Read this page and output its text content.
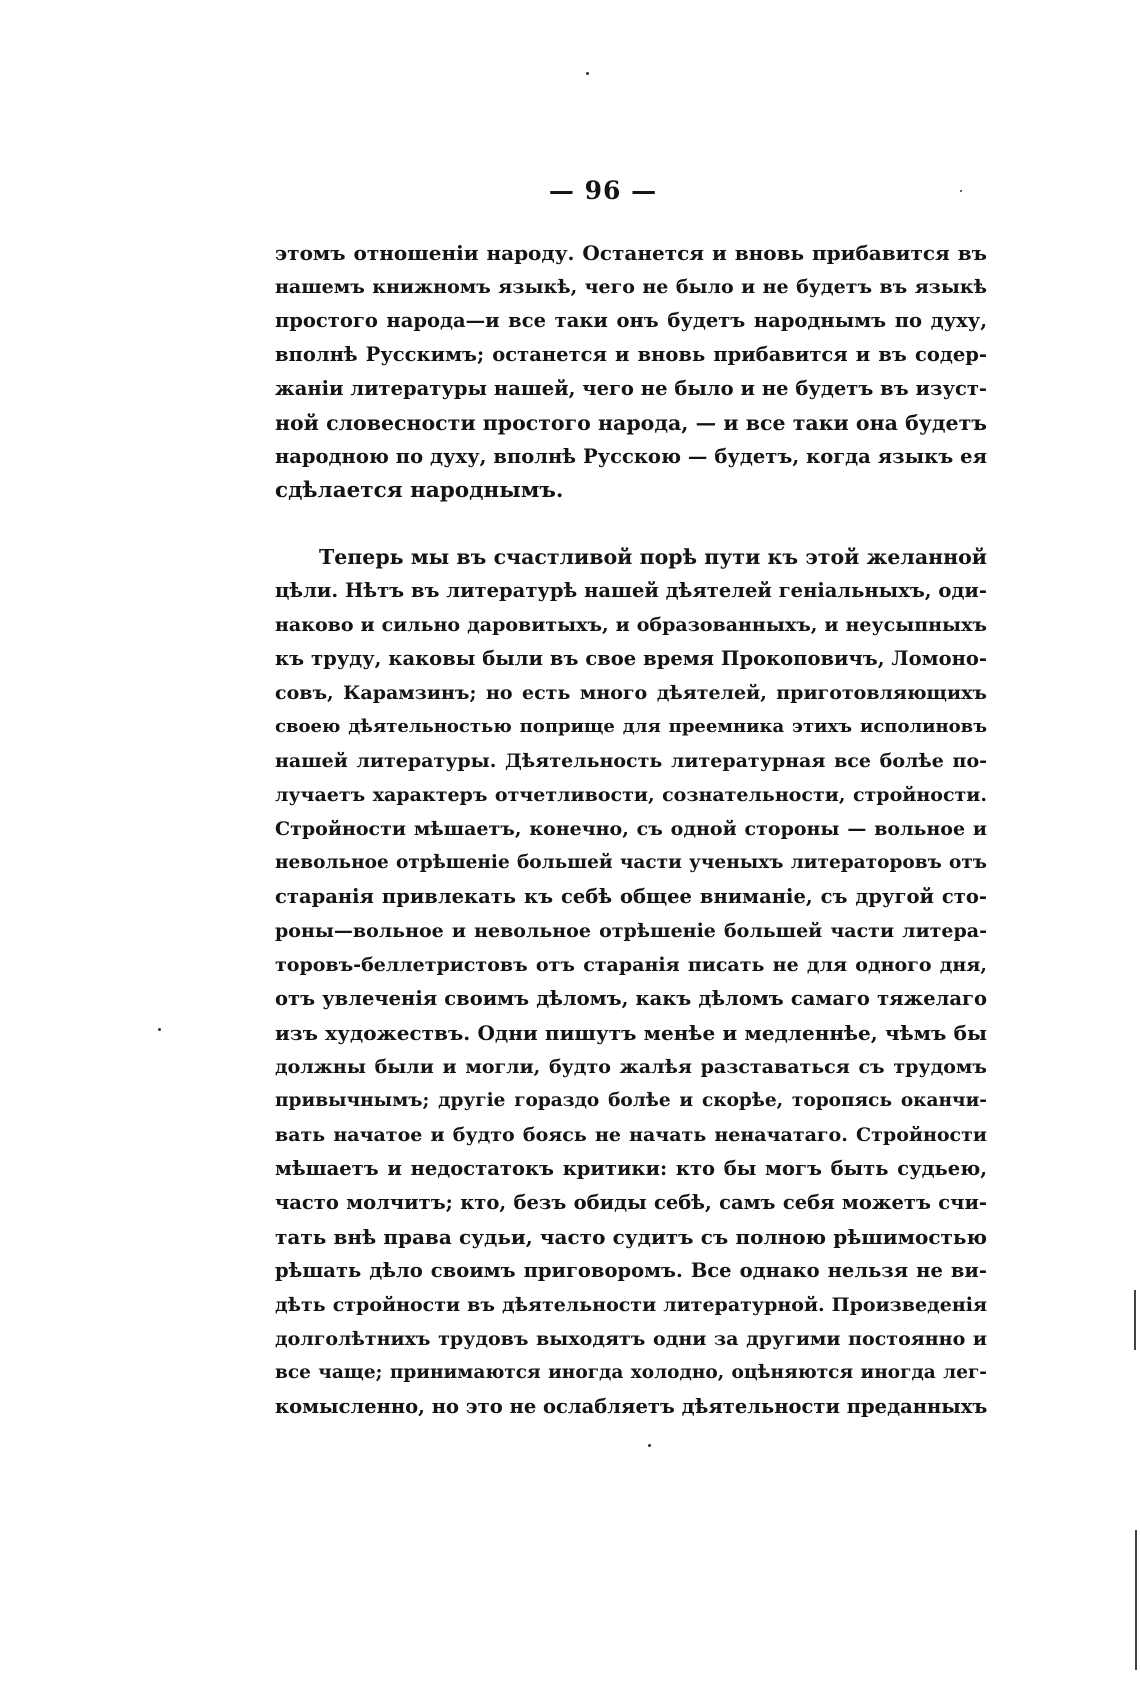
— 96 —
этомъ отношеніи народу. Останется и вновь прибавится въ
нашемъ книжномъ языкѣ, чего не было и не будетъ въ языкѣ
простого народа—и все таки онъ будетъ народнымъ по духу,
вполнѣ Русскимъ; останется и вновь прибавится и въ содер-
жаніи литературы нашей, чего не было и не будетъ въ изуст-
ной словесности простого народа, — и все таки она будетъ
народною по духу, вполнѣ Русскою — будетъ, когда языкъ ея
сдѣлается народнымъ.
Теперь мы въ счастливой порѣ пути къ этой желанной
цѣли. Нѣтъ въ литературѣ нашей дѣятелей геніальныхъ, оди-
наково и сильно даровитыхъ, и образованныхъ, и неусыпныхъ
къ труду, каковы были въ свое время Прокоповичъ, Ломоно-
совъ, Карамзинъ; но есть много дѣятелей, приготовляющихъ
своею дѣятельностью поприще для преемника этихъ исполиновъ
нашей литературы. Дѣятельность литературная все болѣе по-
лучаетъ характеръ отчетливости, сознательности, стройности.
Стройности мѣшаетъ, конечно, съ одной стороны — вольное и
невольное отрѣшеніе большей части ученыхъ литераторовъ отъ
старанія привлекать къ себѣ общее вниманіе, съ другой сто-
роны—вольное и невольное отрѣшеніе большей части литера-
торовъ-беллетристовъ отъ старанія писать не для одного дня,
отъ увлеченія своимъ дѣломъ, какъ дѣломъ самаго тяжелаго
изъ художествъ. Одни пишутъ менѣе и медленнѣе, чѣмъ бы
должны были и могли, будто жалѣя разставаться съ трудомъ
привычнымъ; другіе гораздо болѣе и скорѣе, торопясь оканчи-
вать начатое и будто боясь не начать неначатаго. Стройности
мѣшаетъ и недостатокъ критики: кто бы могъ быть судьею,
часто молчитъ; кто, безъ обиды себѣ, самъ себя можетъ счи-
тать внѣ права судьи, часто судитъ съ полною рѣшимостью
рѣшать дѣло своимъ приговоромъ. Все однако нельзя не ви-
дѣть стройности въ дѣятельности литературной. Произведенія
долголѣтнихъ трудовъ выходятъ одни за другими постоянно и
все чаще; принимаются иногда холодно, оцѣняются иногда лег-
комысленно, но это не ослабляетъ дѣятельности преданныхъ
